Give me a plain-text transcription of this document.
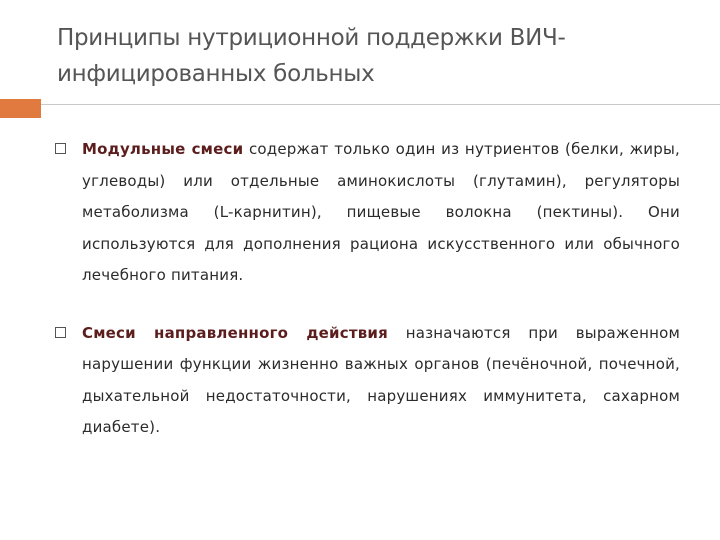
Принципы нутриционной поддержки ВИЧ-инфицированных больных
Модульные смеси содержат только один из нутриентов (белки, жиры, углеводы) или отдельные аминокислоты (глутамин), регуляторы метаболизма (L-карнитин), пищевые волокна (пектины). Они используются для дополнения рациона искусственного или обычного лечебного питания.
Смеси направленного действия назначаются при выраженном нарушении функции жизненно важных органов (печёночной, почечной, дыхательной недостаточности, нарушениях иммунитета, сахарном диабете).
